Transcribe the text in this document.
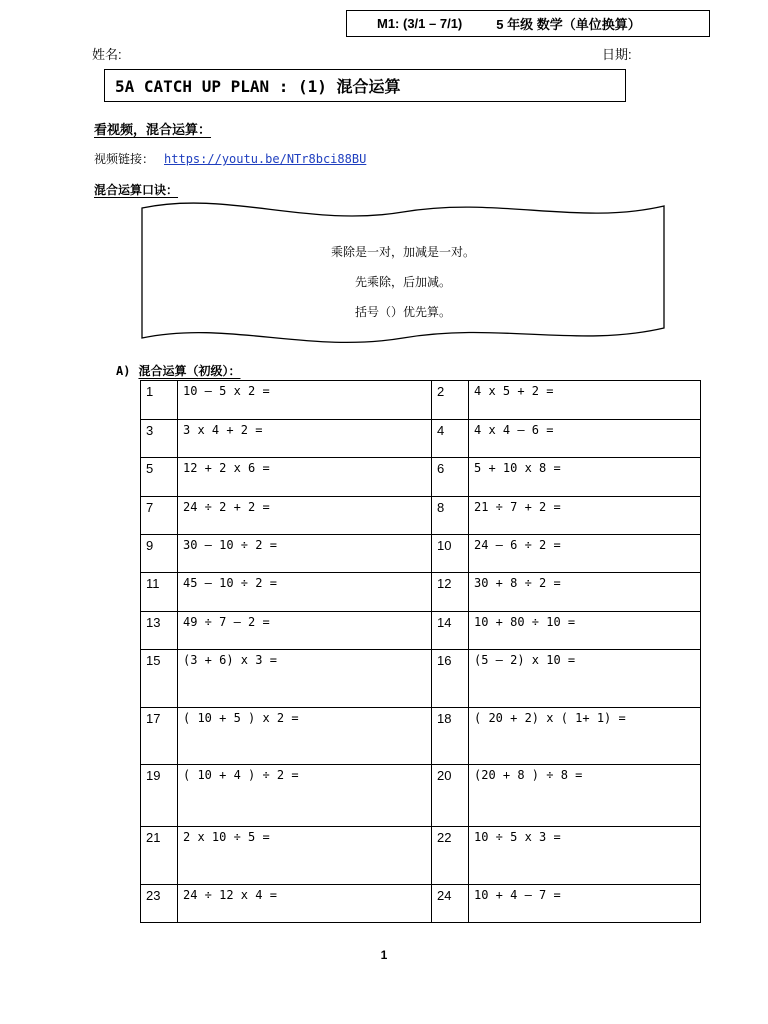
M1: (3/1 – 7/1)	5 年级 数学（单位换算）
姓名:	日期:
5A CATCH UP PLAN : (1) 混合运算
看视频，混合运算：
视频链接： https://youtu.be/NTr8bci88BU
混合运算口诀：
乘除是一对，加减是一对。
先乘除，后加减。
括号（）优先算。
A) 混合运算（初级）：
1	10 – 5 x 2 =	2	4 x 5 + 2 =
3	3 x 4 + 2 =	4	4 x 4 – 6 =
5	12 + 2 x 6 =	6	5 + 10 x 8 =
7	24 ÷ 2 + 2 =	8	21 ÷ 7 + 2 =
9	30 – 10 ÷ 2 =	10	24 – 6 ÷ 2 =
11	45 – 10 ÷ 2 =	12	30 + 8 ÷ 2 =
13	49 ÷ 7 – 2 =	14	10 + 80 ÷ 10 =
15	(3 + 6) x 3 =	16	(5 – 2) x 10 =
17	( 10 + 5 ) x 2 =	18	( 20 + 2) x ( 1+ 1) =
19	( 10 + 4 ) ÷ 2 =	20	(20 + 8 ) ÷ 8 =
21	2 x 10 ÷ 5 =	22	10 ÷ 5 x 3 =
23	24 ÷ 12 x 4 =	24	10 + 4 – 7 =
1
